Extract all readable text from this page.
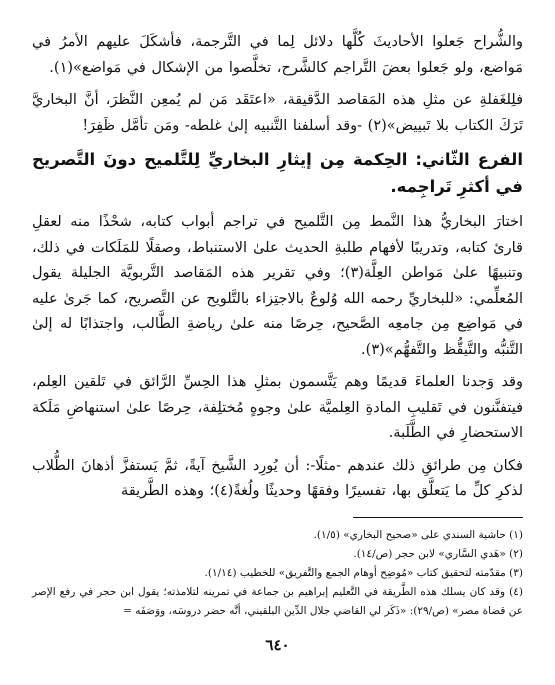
والشُّراح جَعلوا الأحاديثَ كُلَّها دلائل لِما في التَّرجمة، فأشكَلَ عليهم الأمرُ في مَواضع، ولو جَعلوا بعضَ التَّراجم كالشَّرح، تخلَّصوا من الإشكال في مَواضع»(١).

فلِلغَفلةِ عن مثلِ هذه المَقاصد الدَّقيقة، «اعتَقَد مَن لم يُمعِن النَّظرَ، أنَّ البخاريَّ تَرَكَ الكتاب بلا تَبييض»(٢) -وقد أسلفنا التَّنبيه إلىٰ غلطه- ومَن تأمَّل ظَفِرَ!

الفرع الثّاني: الحِكمة مِن إيثارِ البخاريِّ لِلتَّلميح دونَ التَّصريح في أكثرِ تَراجِمه.

اختارَ البخاريُّ هذا النَّمط مِن التَّلميح في تراجم أبواب كتابه، شحْذًا منه لعقلِ قارئ كتابه، وتدريبًا لأفهام طلبةِ الحديث علىٰ الاستنباط، وصقلًا للمَلَكات في ذلك، وتنبيهًا علىٰ مَواطن العِلَّة(٣)؛ وفي تقرير هذه المَقاصد التَّربويَّة الجليلة يقول المُعلِّمي: «للبخاريِّ رحمه الله وُلوعٌ بالاجتِزاء بالتَّلويح عن التَّصريح، كما جَرىٰ عليه في مَواضِع مِن جامعِه الصَّحيح، حِرصًا منه علىٰ رياضةِ الطَّالب، واجتذابًا له إلىٰ التَّنبُّه والتَّيقُّظ والتَّفهُّم»(٣).

وقد وَجدنا العلماءَ قديمًا وهم يَتَّسمون بمثلِ هذا الحِسِّ الرَّائق في تَلقين العِلم، فيتفنَّنون في تَقليبِ المادةِ العِلميَّة علىٰ وجوهٍ مُختلِفة، حِرصًا علىٰ استنهاضِ مَلَكة الاستحضارِ في الطَّلَبة.

فكان مِن طرائقِ ذلك عندهم -مثلًا-: أن يُورِد الشَّيخ آيةً، ثمَّ يَستفزَّ أذهانَ الطُّلاب لذكرِ كلِّ ما يَتعلَّق بها، تفسيرًا وفقهًا وحديثًا ولُغةً(٤)؛ وهذه الطَّريقة

(١) حاشية السندي على «صحيح البخاري» (١/٥).

(٢) «هَدي السَّاري» لابن حجر (ص/١٤).

(٣) مقدّمته لتحقيق كتاب «مُوضِح أوهام الجمع والتَّفريق» للخطيب (١/١٤).

(٤) وقد كان يسلك هذه الطَّريقة في التَّعليم إبراهيم بن جماعة في تمرينه لتلامذته؛ يقول ابن حجر في رفع الإصر عن قضاة مصر» (ص/٢٩): «ذَكَر لي القاضي جلال الدِّين البلقيني، أنَّه حضر دروسَه، ووَصَفَه =

٦٤٠
